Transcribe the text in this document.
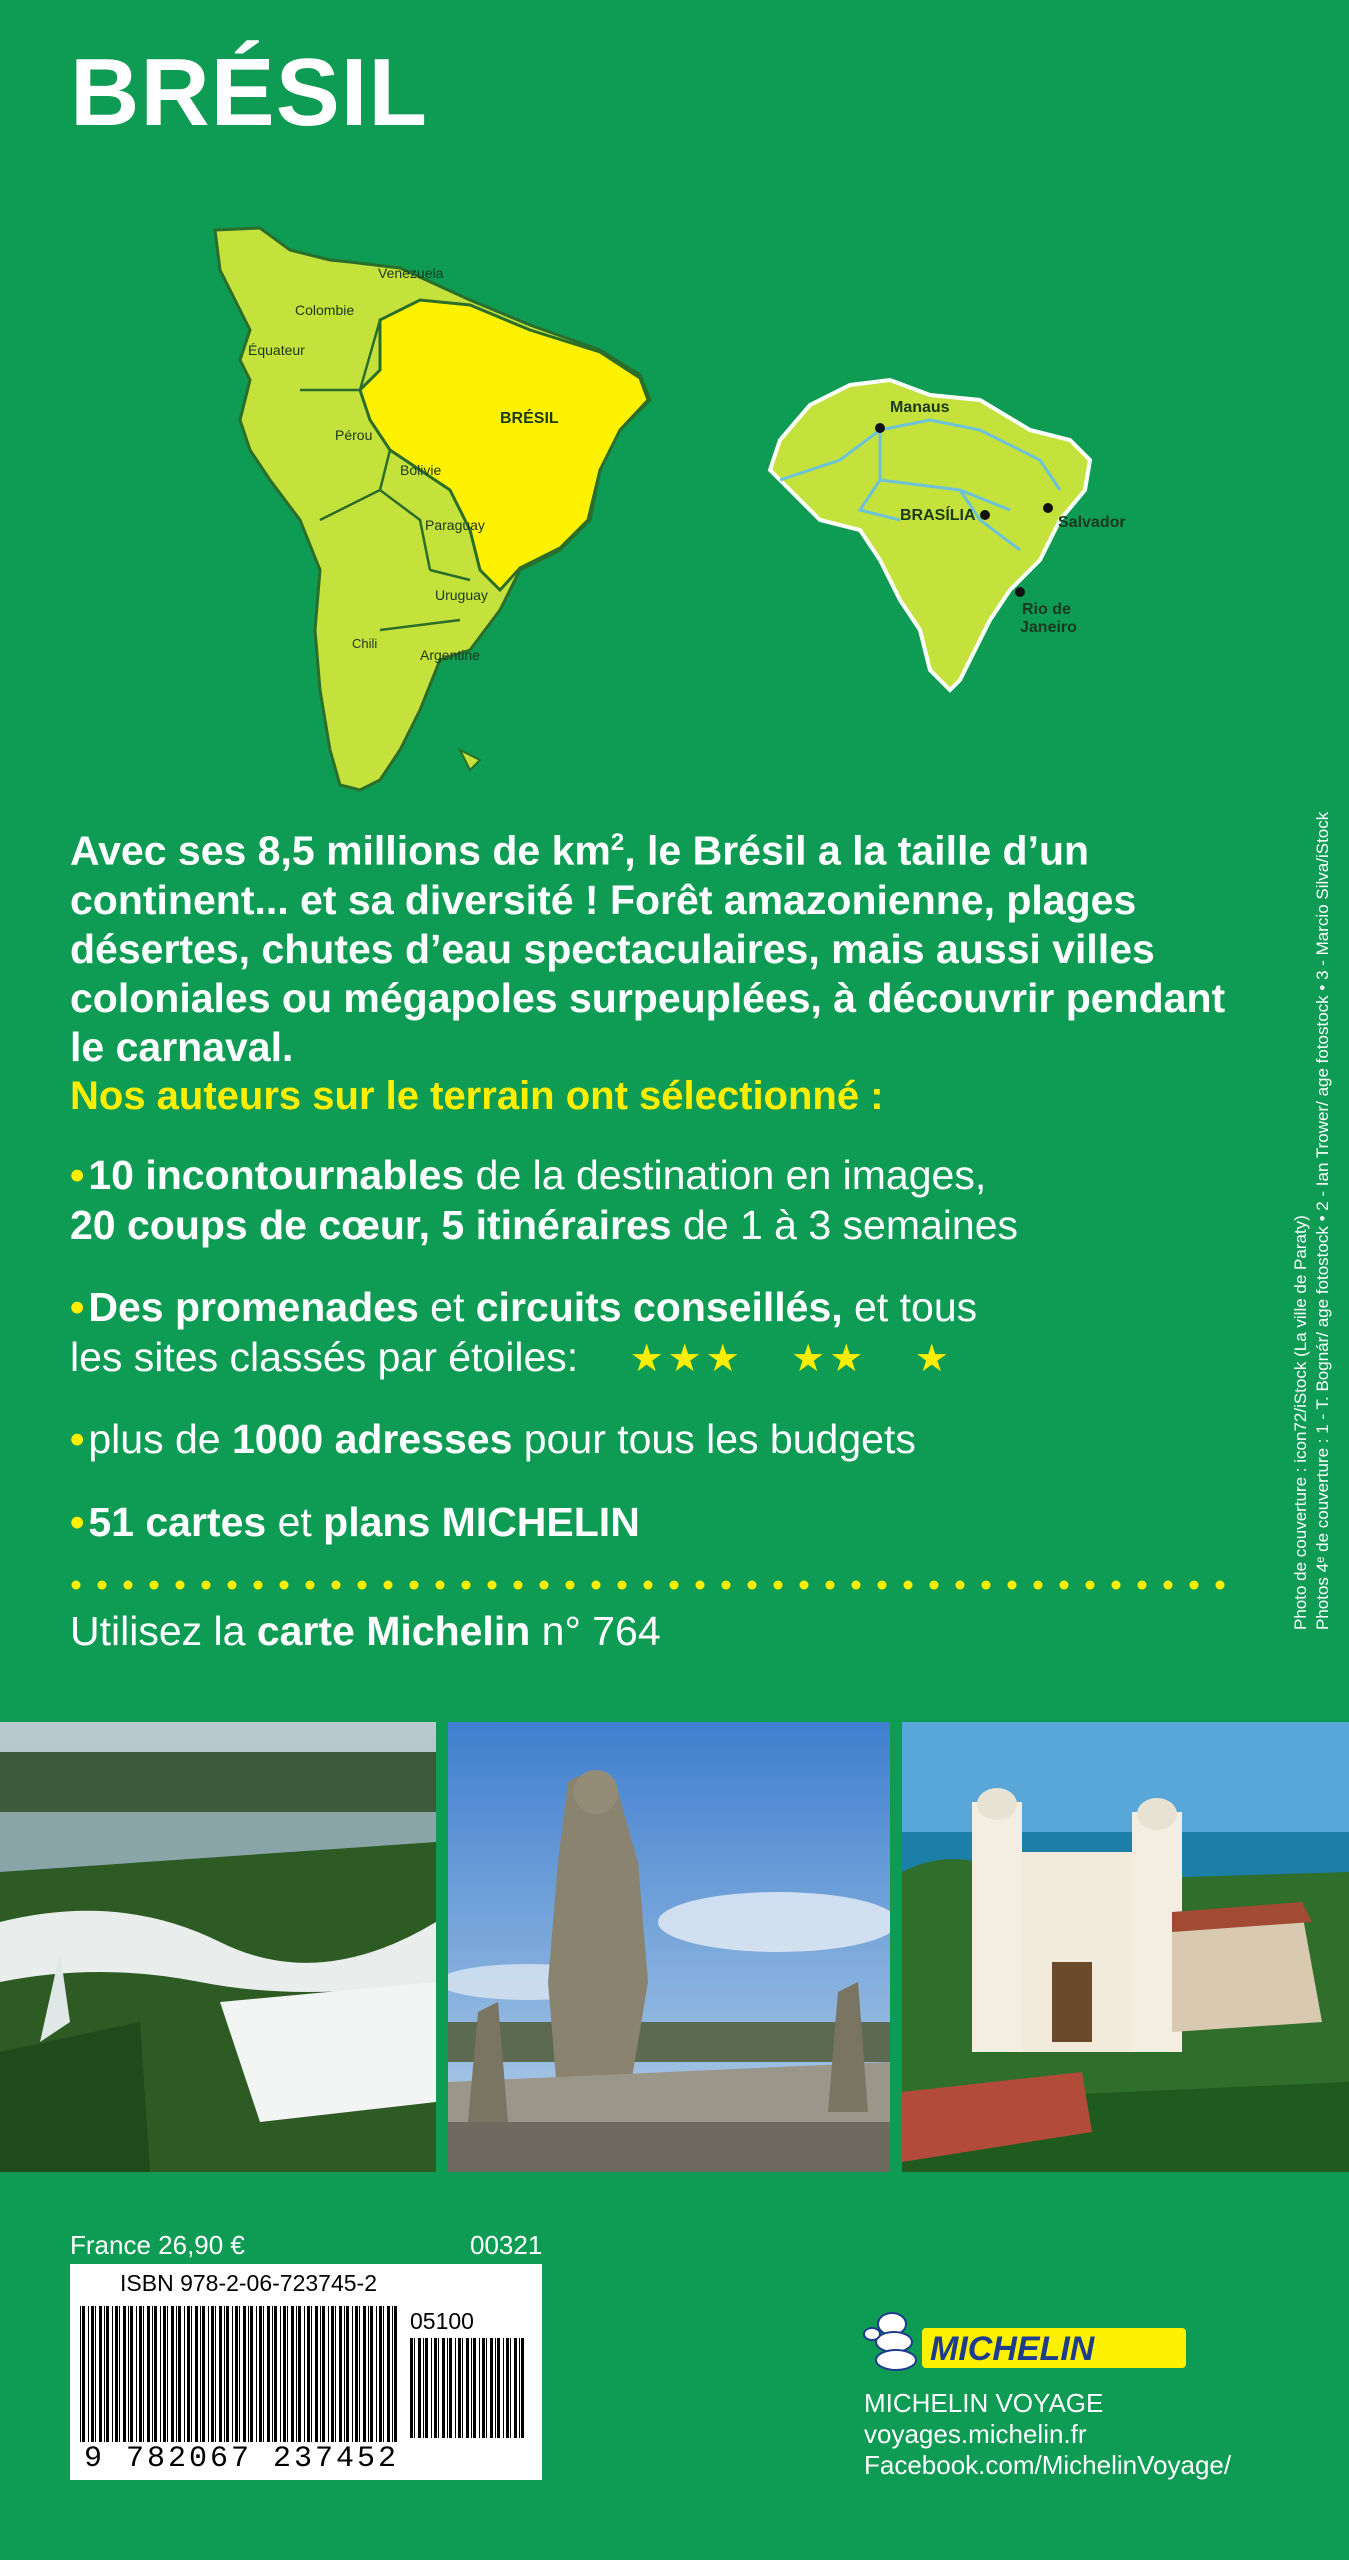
BRÉSIL
Venezuela
Colombie
Équateur
Pérou
BRÉSIL
Bolivie
Paraguay
Uruguay
Chili
Argentine
Manaus
BRASÍLIA	Salvador
Rio de
Janeiro
Avec ses 8,5 millions de $km^2$, le Brésil a la taille d’un continent... et sa diversité ! Forêt amazonienne, plages désertes, chutes d’eau spectaculaires, mais aussi villes coloniales ou mégapoles surpeuplées, à découvrir pendant le carnaval.
Nos auteurs sur le terrain ont sélectionné :
•10 incontournables de la destination en images,
20 coups de cœur, 5 itinéraires de 1 à 3 semaines
•Des promenades et circuits conseillés, et tous
les sites classés par étoiles: ★★★ ★★ ★
•plus de 1000 adresses pour tous les budgets
•51 cartes et plans MICHELIN
Utilisez la carte Michelin n° 764
Photo de couverture : icon72/iStock (La ville de Paraty) Photos 4ᵉ de couverture : 1 - T. Bognár/ age fotostock • 2 - Ian Trower/ age fotostock • 3 - Marcio Silva/iStock
France 26,90 €	00321
ISBN 978-2-06-723745-2
9 782067 237452
05100
MICHELIN
MICHELIN VOYAGE
voyages.michelin.fr
Facebook.com/MichelinVoyage/
